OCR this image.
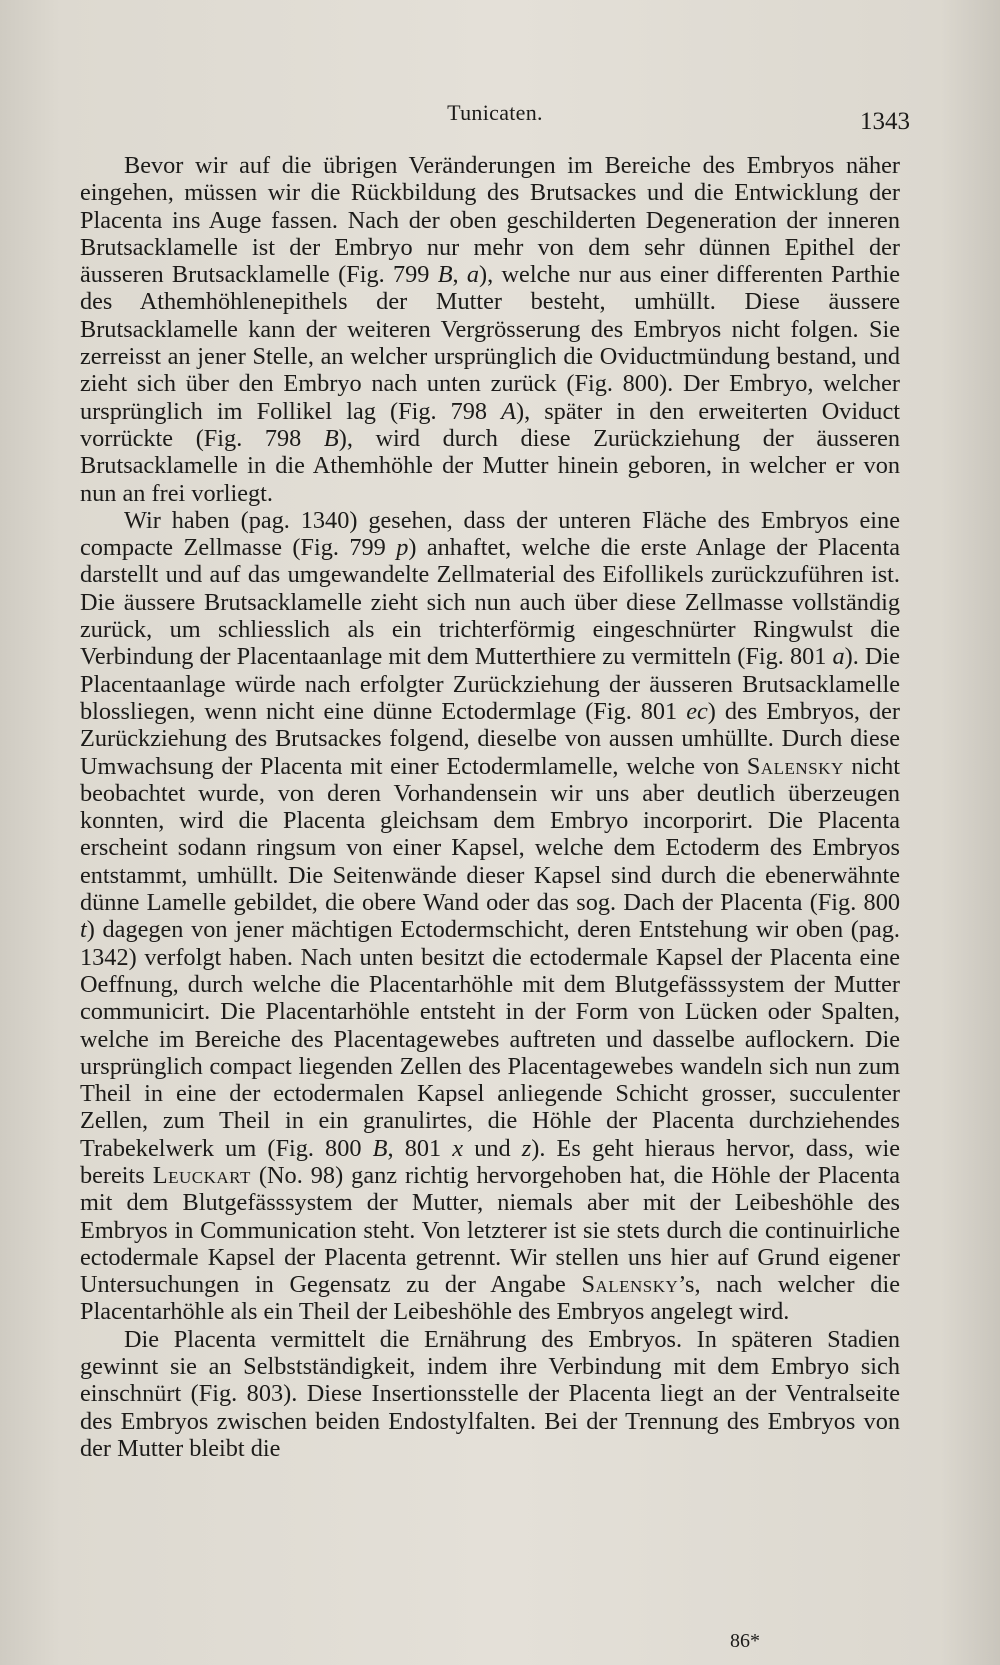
Tunicaten.	1343

Bevor wir auf die übrigen Veränderungen im Bereiche des Embryos näher eingehen, müssen wir die Rückbildung des Brutsackes und die Entwicklung der Placenta ins Auge fassen. Nach der oben geschilderten Degeneration der inneren Brutsacklamelle ist der Embryo nur mehr von dem sehr dünnen Epithel der äusseren Brutsacklamelle (Fig. 799 B, a), welche nur aus einer differenten Parthie des Athemhöhlenepithels der Mutter besteht, umhüllt. Diese äussere Brutsacklamelle kann der weiteren Vergrösserung des Embryos nicht folgen. Sie zerreisst an jener Stelle, an welcher ursprünglich die Oviductmündung bestand, und zieht sich über den Embryo nach unten zurück (Fig. 800). Der Embryo, welcher ursprünglich im Follikel lag (Fig. 798 A), später in den erweiterten Oviduct vorrückte (Fig. 798 B), wird durch diese Zurückziehung der äusseren Brutsacklamelle in die Athemhöhle der Mutter hinein geboren, in welcher er von nun an frei vorliegt.

Wir haben (pag. 1340) gesehen, dass der unteren Fläche des Embryos eine compacte Zellmasse (Fig. 799 p) anhaftet, welche die erste Anlage der Placenta darstellt und auf das umgewandelte Zellmaterial des Eifollikels zurückzuführen ist. Die äussere Brutsacklamelle zieht sich nun auch über diese Zellmasse vollständig zurück, um schliesslich als ein trichterförmig eingeschnürter Ringwulst die Verbindung der Placentaanlage mit dem Mutterthiere zu vermitteln (Fig. 801 a). Die Placentaanlage würde nach erfolgter Zurückziehung der äusseren Brutsacklamelle blossliegen, wenn nicht eine dünne Ectodermlage (Fig. 801 ec) des Embryos, der Zurückziehung des Brutsackes folgend, dieselbe von aussen umhüllte. Durch diese Umwachsung der Placenta mit einer Ectodermlamelle, welche von Salensky nicht beobachtet wurde, von deren Vorhandensein wir uns aber deutlich überzeugen konnten, wird die Placenta gleichsam dem Embryo incorporirt. Die Placenta erscheint sodann ringsum von einer Kapsel, welche dem Ectoderm des Embryos entstammt, umhüllt. Die Seitenwände dieser Kapsel sind durch die ebenerwähnte dünne Lamelle gebildet, die obere Wand oder das sog. Dach der Placenta (Fig. 800 t) dagegen von jener mächtigen Ectodermschicht, deren Entstehung wir oben (pag. 1342) verfolgt haben. Nach unten besitzt die ectodermale Kapsel der Placenta eine Oeffnung, durch welche die Placentarhöhle mit dem Blutgefässsystem der Mutter communicirt. Die Placentarhöhle entsteht in der Form von Lücken oder Spalten, welche im Bereiche des Placentagewebes auftreten und dasselbe auflockern. Die ursprünglich compact liegenden Zellen des Placentagewebes wandeln sich nun zum Theil in eine der ectodermalen Kapsel anliegende Schicht grosser, succulenter Zellen, zum Theil in ein granulirtes, die Höhle der Placenta durchziehendes Trabekelwerk um (Fig. 800 B, 801 x und z). Es geht hieraus hervor, dass, wie bereits Leuckart (No. 98) ganz richtig hervorgehoben hat, die Höhle der Placenta mit dem Blutgefässsystem der Mutter, niemals aber mit der Leibeshöhle des Embryos in Communication steht. Von letzterer ist sie stets durch die continuirliche ectodermale Kapsel der Placenta getrennt. Wir stellen uns hier auf Grund eigener Untersuchungen in Gegensatz zu der Angabe Salensky’s, nach welcher die Placentarhöhle als ein Theil der Leibeshöhle des Embryos angelegt wird.

Die Placenta vermittelt die Ernährung des Embryos. In späteren Stadien gewinnt sie an Selbstständigkeit, indem ihre Verbindung mit dem Embryo sich einschnürt (Fig. 803). Diese Insertionsstelle der Placenta liegt an der Ventralseite des Embryos zwischen beiden Endostylfalten. Bei der Trennung des Embryos von der Mutter bleibt die

86*
